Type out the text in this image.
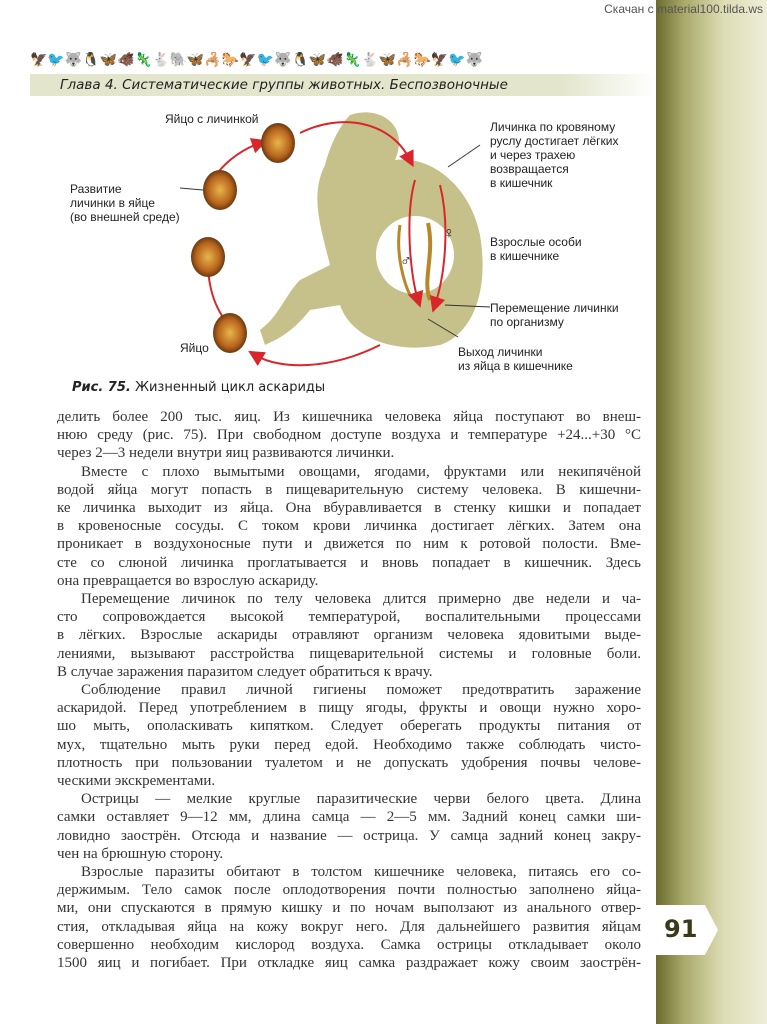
Скачан с material100.tilda.ws
🦅🐦🐺🐧🦋🐗🦎🐇🐘🦋🦂🐎🦅🐦🐺🐧🦋🐗🦎🐇🦋🦂🐎🦅🐦🐺
Глава 4. Систематические группы животных. Беспозвоночные
Яйцо с личинкой
Развитие
личинки в яйце
(во внешней среде)
Яйцо
Личинка по кровяному
руслу достигает лёгких
и через трахею
возвращается
в кишечник
Взрослые особи
в кишечнике
Перемещение личинки
по организму
Выход личинки
из яйца в кишечнике
♂
♀
Рис. 75. Жизненный цикл аскариды
делить более 200 тыс. яиц. Из кишечника человека яйца поступают во внеш-
нюю среду (рис. 75). При свободном доступе воздуха и температуре +24...+30 °С
через 2—3 недели внутри яиц развиваются личинки.
Вместе с плохо вымытыми овощами, ягодами, фруктами или некипячёной
водой яйца могут попасть в пищеварительную систему человека. В кишечни-
ке личинка выходит из яйца. Она вбуравливается в стенку кишки и попадает
в кровеносные сосуды. С током крови личинка достигает лёгких. Затем она
проникает в воздухоносные пути и движется по ним к ротовой полости. Вме-
сте со слюной личинка проглатывается и вновь попадает в кишечник. Здесь
она превращается во взрослую аскариду.
Перемещение личинок по телу человека длится примерно две недели и ча-
сто сопровождается высокой температурой, воспалительными процессами
в лёгких. Взрослые аскариды отравляют организм человека ядовитыми выде-
лениями, вызывают расстройства пищеварительной системы и головные боли.
В случае заражения паразитом следует обратиться к врачу.
Соблюдение правил личной гигиены поможет предотвратить заражение
аскаридой. Перед употреблением в пищу ягоды, фрукты и овощи нужно хоро-
шо мыть, ополаскивать кипятком. Следует оберегать продукты питания от
мух, тщательно мыть руки перед едой. Необходимо также соблюдать чисто-
плотность при пользовании туалетом и не допускать удобрения почвы челове-
ческими экскрементами.
Острицы — мелкие круглые паразитические черви белого цвета. Длина
самки оставляет 9—12 мм, длина самца — 2—5 мм. Задний конец самки ши-
ловидно заострён. Отсюда и название — острица. У самца задний конец закру-
чен на брюшную сторону.
Взрослые паразиты обитают в толстом кишечнике человека, питаясь его со-
держимым. Тело самок после оплодотворения почти полностью заполнено яйца-
ми, они спускаются в прямую кишку и по ночам выползают из анального отвер-
стия, откладывая яйца на кожу вокруг него. Для дальнейшего развития яйцам
совершенно необходим кислород воздуха. Самка острицы откладывает около
1500 яиц и погибает. При откладке яиц самка раздражает кожу своим заострён-
91
